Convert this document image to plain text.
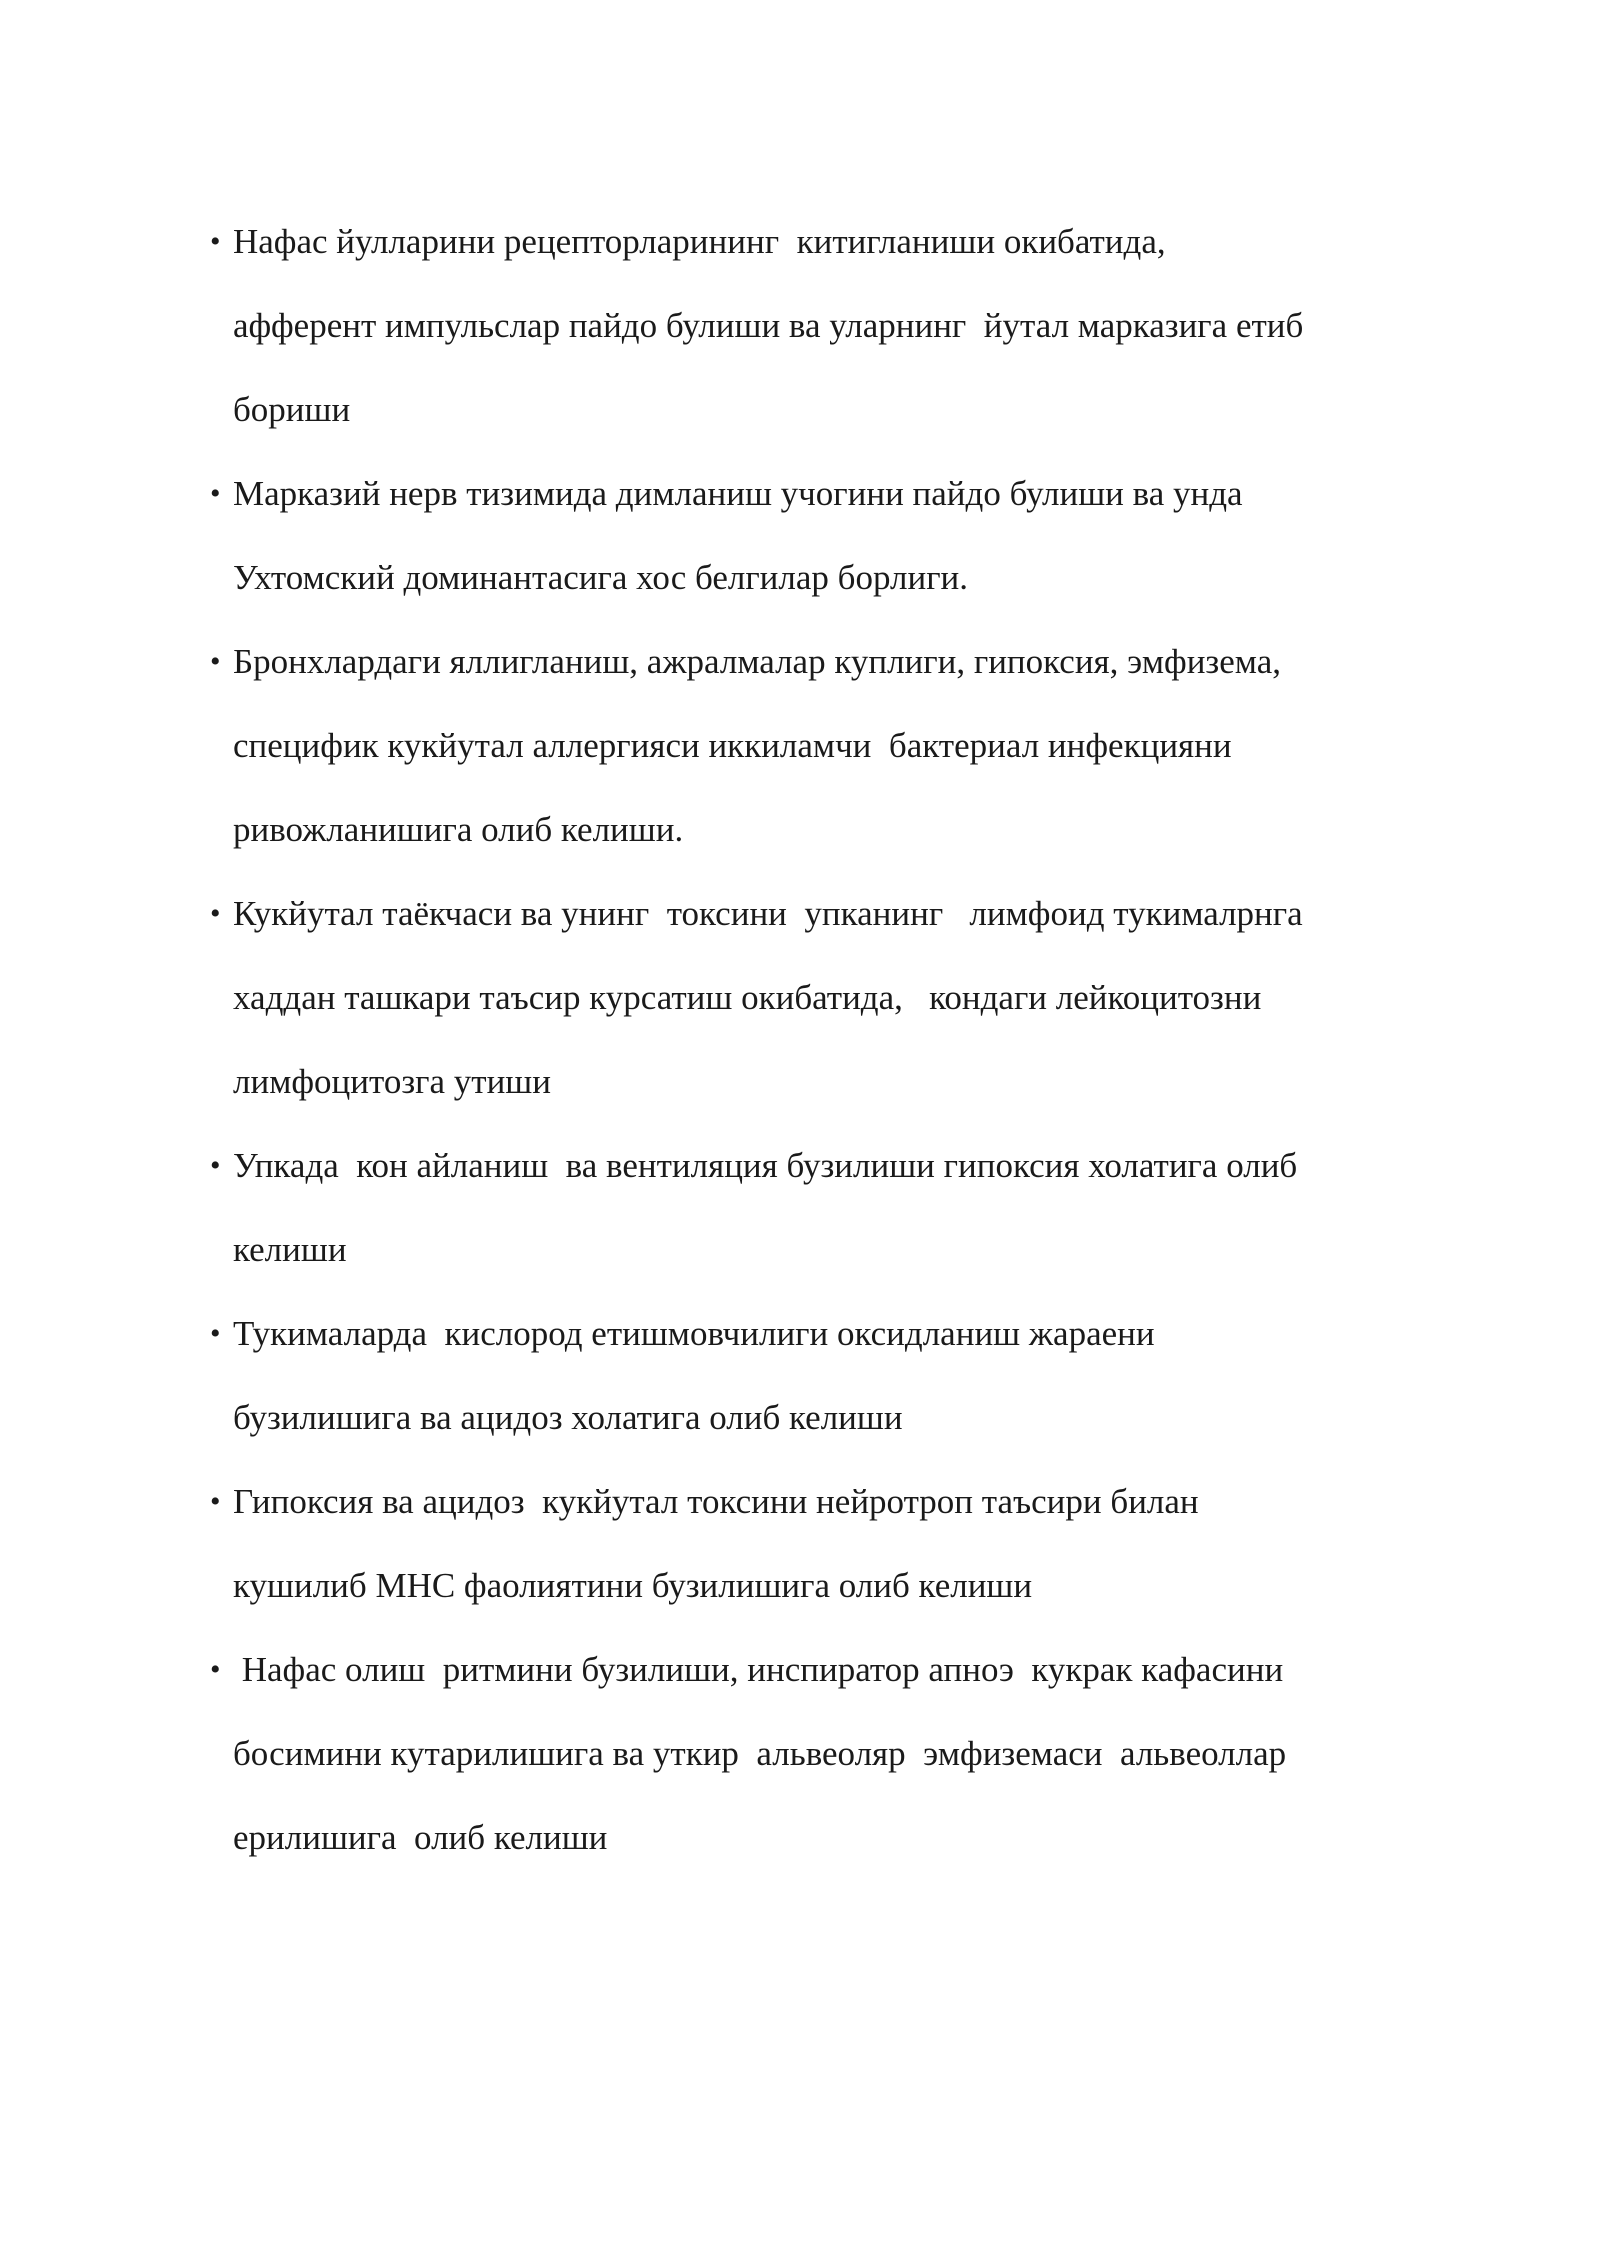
• Нафас йулларини рецепторларининг  китигланиши окибатида,
афферент импульслар пайдо булиши ва уларнинг  йутал марказига етиб
бориши
• Марказий нерв тизимида димланиш учогини пайдо булиши ва унда
Ухтомский доминантасига хос белгилар борлиги.
• Бронхлардаги яллигланиш, ажралмалар куплиги, гипоксия, эмфизема,
специфик кукйутал аллергияси иккиламчи  бактериал инфекцияни
ривожланишига олиб келиши.
• Кукйутал таёкчаси ва унинг  токсини  упканинг   лимфоид тукималрнга
хаддан ташкари таъсир курсатиш окибатида,   кондаги лейкоцитозни
лимфоцитозга утиши
• Упкада  кон айланиш  ва вентиляция бузилиши гипоксия холатига олиб
келиши
• Тукималарда  кислород етишмовчилиги оксидланиш жараени
бузилишига ва ацидоз холатига олиб келиши
• Гипоксия ва ацидоз  кукйутал токсини нейротроп таъсири билан
кушилиб МНС фаолиятини бузилишига олиб келиши
• Нафас олиш  ритмини бузилиши, инспиратор апноэ  кукрак кафасини
босимини кутарилишига ва уткир  альвеоляр  эмфиземаси  альвеоллар
ерилишига  олиб келиши
